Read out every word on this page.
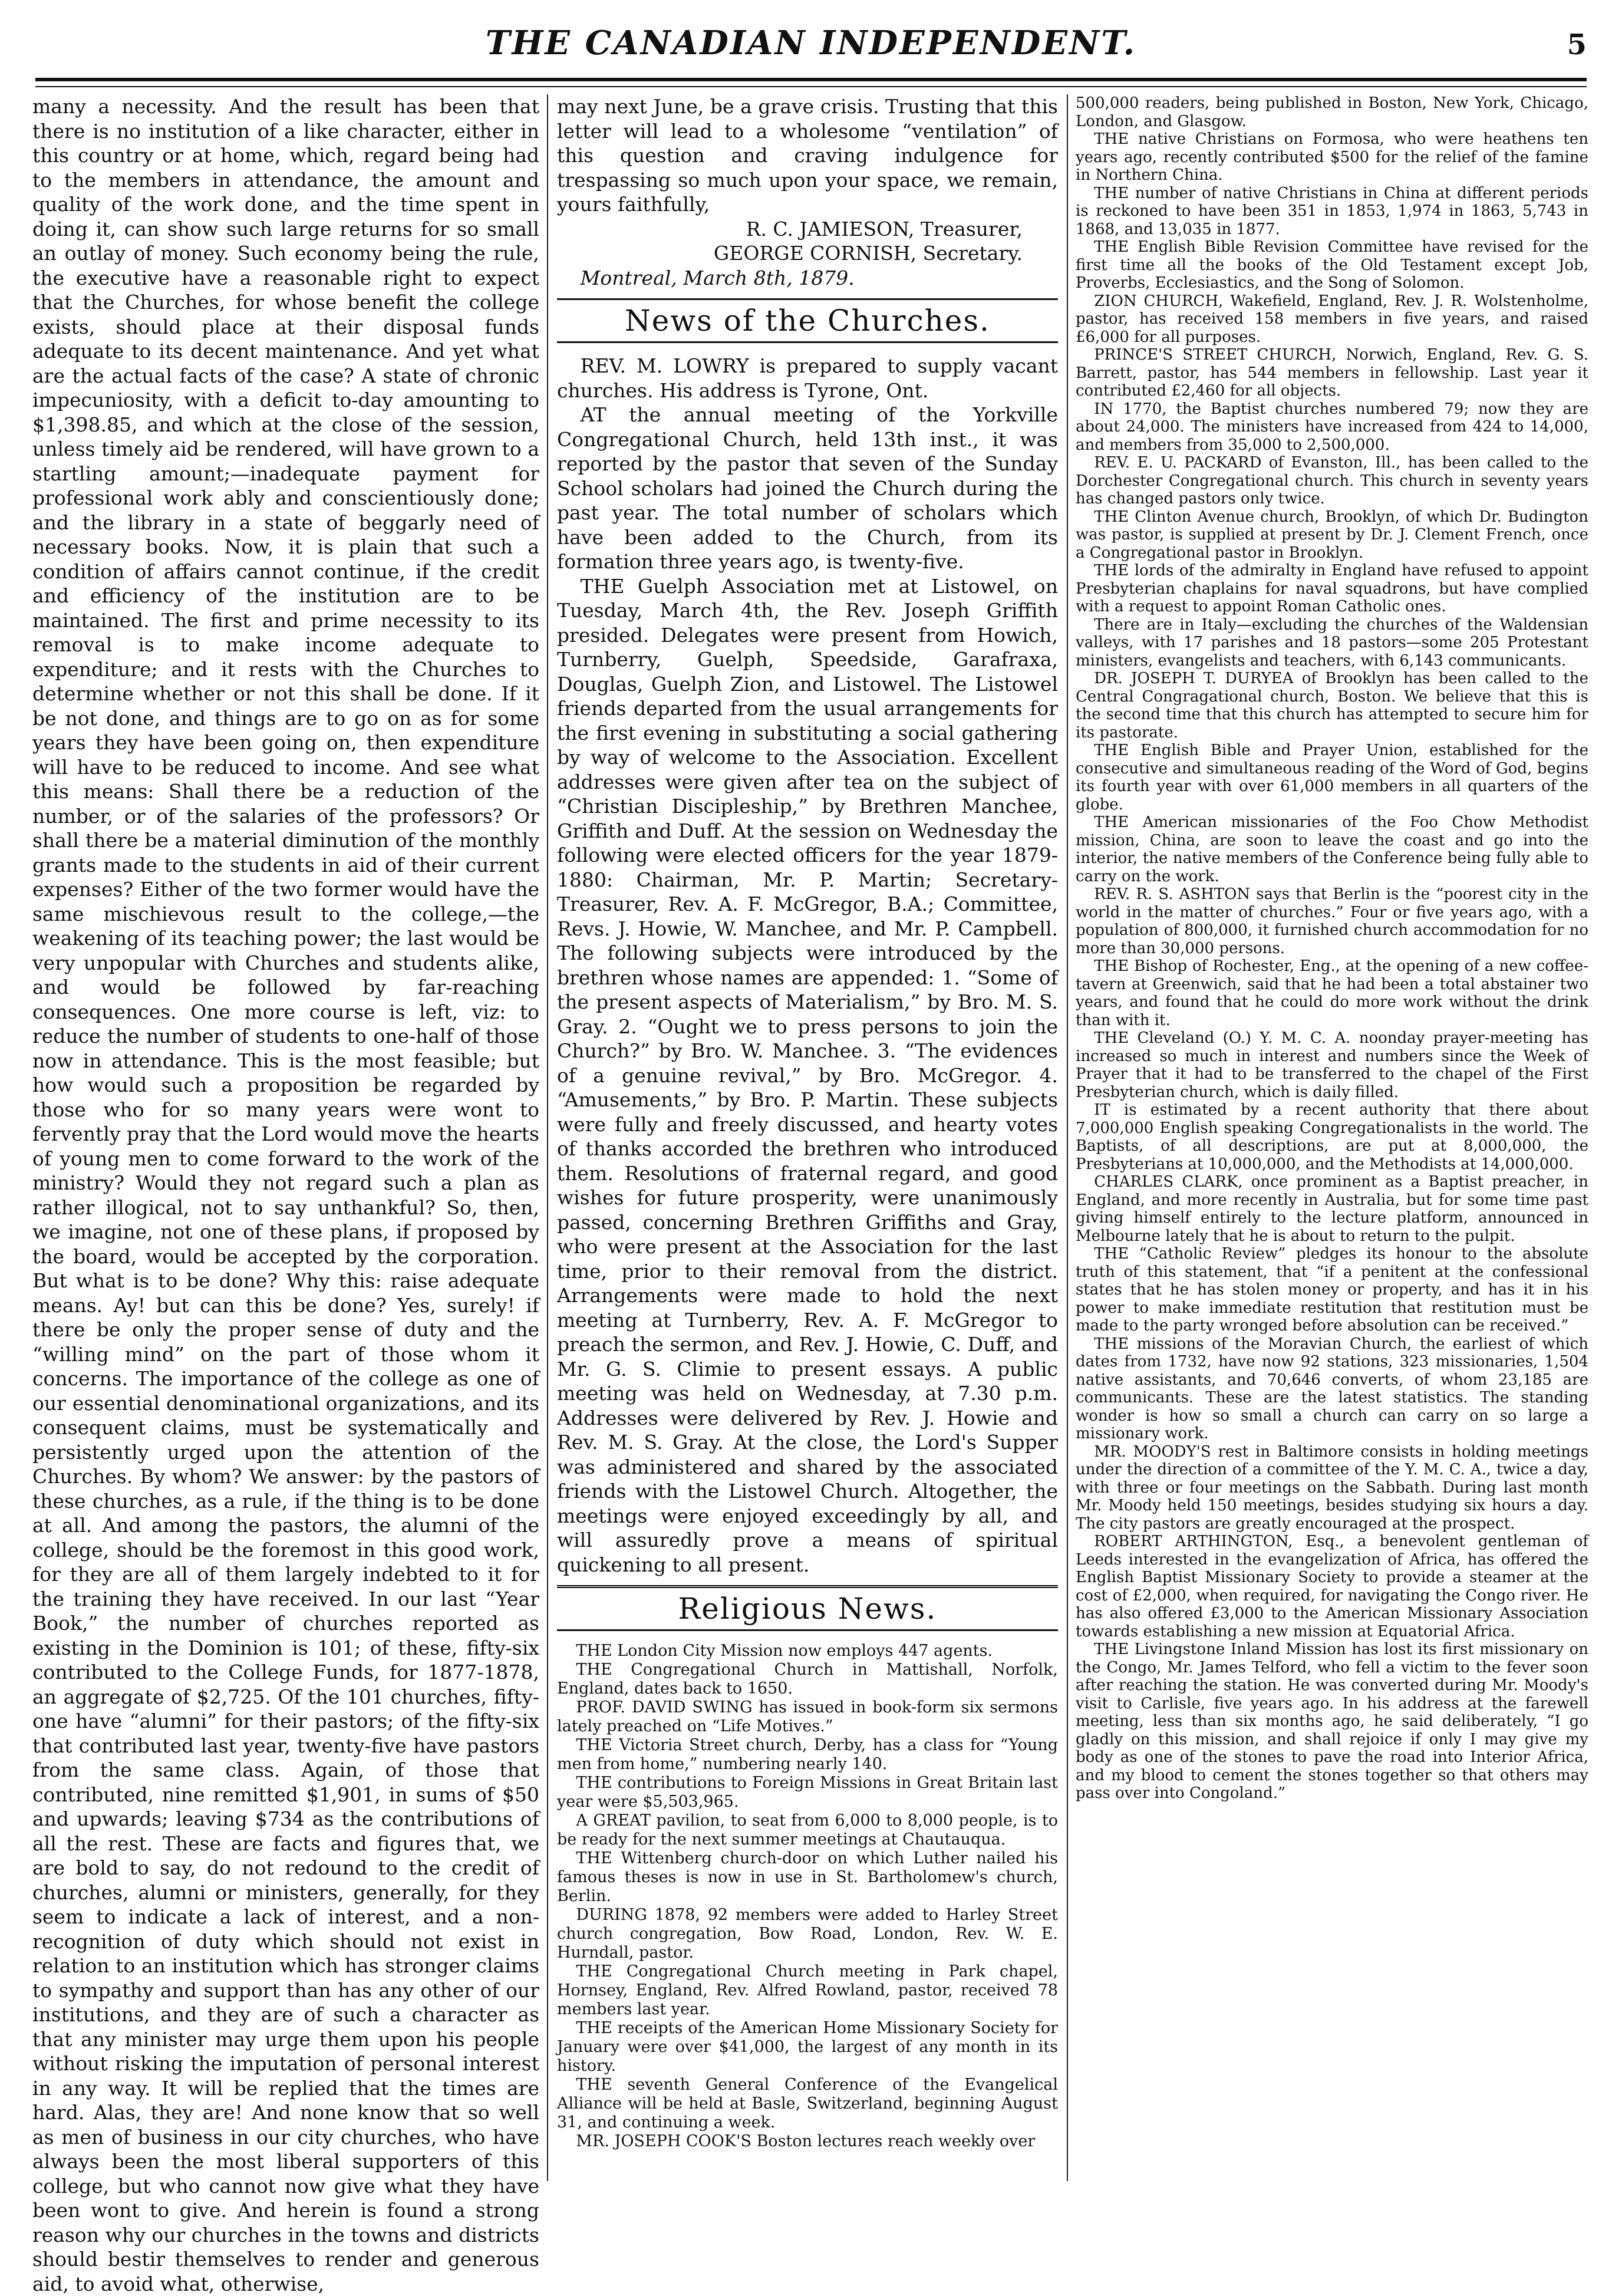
THE CANADIAN INDEPENDENT.	5

many a necessity. And the result has been that there is no institution of a like character, either in this country or at home, which, regard being had to the members in attendance, the amount and quality of the work done, and the time spent in doing it, can show such large returns for so small an outlay of money. Such economy being the rule, the executive have a reasonable right to expect that the Churches, for whose benefit the college exists, should place at their disposal funds adequate to its decent maintenance. And yet what are the actual facts of the case? A state of chronic impecuniosity, with a deficit to-day amounting to $1,398.85, and which at the close of the session, unless timely aid be rendered, will have grown to a startling amount;—inadequate payment for professional work ably and conscientiously done; and the library in a state of beggarly need of necessary books. Now, it is plain that such a condition of affairs cannot continue, if the credit and efficiency of the institution are to be maintained. The first and prime necessity to its removal is to make income adequate to expenditure; and it rests with the Churches to determine whether or not this shall be done. If it be not done, and things are to go on as for some years they have been going on, then expenditure will have to be reduced to income. And see what this means: Shall there be a reduction of the number, or of the salaries of the professors? Or shall there be a material diminution of the monthly grants made to the students in aid of their current expenses? Either of the two former would have the same mischievous result to the college,—the weakening of its teaching power; the last would be very unpopular with Churches and students alike, and would be followed by far-reaching consequences. One more course is left, viz: to reduce the number of students to one-half of those now in attendance. This is the most feasible; but how would such a proposition be regarded by those who for so many years were wont to fervently pray that the Lord would move the hearts of young men to come forward to the work of the ministry? Would they not regard such a plan as rather illogical, not to say unthankful? So, then, we imagine, not one of these plans, if proposed by the board, would be accepted by the corporation. But what is to be done? Why this: raise adequate means. Ay! but can this be done? Yes, surely! if there be only the proper sense of duty and the “willing mind” on the part of those whom it concerns. The importance of the college as one of our essential denominational organizations, and its consequent claims, must be systematically and persistently urged upon the attention of the Churches. By whom? We answer: by the pastors of these churches, as a rule, if the thing is to be done at all. And among the pastors, the alumni of the college, should be the foremost in this good work, for they are all of them largely indebted to it for the training they have received. In our last “Year Book,” the number of churches reported as existing in the Dominion is 101; of these, fifty-six contributed to the College Funds, for 1877-1878, an aggregate of $2,725. Of the 101 churches, fifty-one have “alumni” for their pastors; of the fifty-six that contributed last year, twenty-five have pastors from the same class. Again, of those that contributed, nine remitted $1,901, in sums of $50 and upwards; leaving $734 as the contributions of all the rest. These are facts and figures that, we are bold to say, do not redound to the credit of churches, alumni or ministers, generally, for they seem to indicate a lack of interest, and a non-recognition of duty which should not exist in relation to an institution which has stronger claims to sympathy and support than has any other of our institutions, and they are of such a character as that any minister may urge them upon his people without risking the imputation of personal interest in any way. It will be replied that the times are hard. Alas, they are! And none know that so well as men of business in our city churches, who have always been the most liberal supporters of this college, but who cannot now give what they have been wont to give. And herein is found a strong reason why our churches in the towns and districts should bestir themselves to render and generous aid, to avoid what, otherwise,

may next June, be a grave crisis. Trusting that this letter will lead to a wholesome “ventilation” of this question and craving indulgence for trespassing so much upon your space, we remain, yours faithfully,

R. C. JAMIESON, Treasurer,

GEORGE CORNISH, Secretary.

Montreal, March 8th, 1879.

News of the Churches.

REV. M. LOWRY is prepared to supply vacant churches. His address is Tyrone, Ont.

AT the annual meeting of the Yorkville Congregational Church, held 13th inst., it was reported by the pastor that seven of the Sunday School scholars had joined the Church during the past year. The total number of scholars which have been added to the Church, from its formation three years ago, is twenty-five.

THE Guelph Association met at Listowel, on Tuesday, March 4th, the Rev. Joseph Griffith presided. Delegates were present from Howich, Turnberry, Guelph, Speedside, Garafraxa, Douglas, Guelph Zion, and Listowel. The Listowel friends departed from the usual arrangements for the first evening in substituting a social gathering by way of welcome to the Association. Excellent addresses were given after tea on the subject of “Christian Discipleship,” by Brethren Manchee, Griffith and Duff. At the session on Wednesday the following were elected officers for the year 1879-1880: Chairman, Mr. P. Martin; Secretary-Treasurer, Rev. A. F. McGregor, B.A.; Committee, Revs. J. Howie, W. Manchee, and Mr. P. Campbell. The following subjects were introduced by the brethren whose names are appended: 1. “Some of the present aspects of Materialism,” by Bro. M. S. Gray. 2. “Ought we to press persons to join the Church?” by Bro. W. Manchee. 3. “The evidences of a genuine revival,” by Bro. McGregor. 4. “Amusements,” by Bro. P. Martin. These subjects were fully and freely discussed, and hearty votes of thanks accorded the brethren who introduced them. Resolutions of fraternal regard, and good wishes for future prosperity, were unanimously passed, concerning Brethren Griffiths and Gray, who were present at the Association for the last time, prior to their removal from the district. Arrangements were made to hold the next meeting at Turnberry, Rev. A. F. McGregor to preach the sermon, and Rev. J. Howie, C. Duff, and Mr. G. S. Climie to present essays. A public meeting was held on Wednesday, at 7.30 p.m. Addresses were delivered by Rev. J. Howie and Rev. M. S. Gray. At the close, the Lord's Supper was administered and shared by the associated friends with the Listowel Church. Altogether, the meetings were enjoyed exceedingly by all, and will assuredly prove a means of spiritual quickening to all present.

Religious News.

THE London City Mission now employs 447 agents.

THE Congregational Church in Mattishall, Norfolk, England, dates back to 1650.

PROF. DAVID SWING has issued in book-form six sermons lately preached on “Life Motives.”

THE Victoria Street church, Derby, has a class for “Young men from home,” numbering nearly 140.

THE contributions to Foreign Missions in Great Britain last year were $5,503,965.

A GREAT pavilion, to seat from 6,000 to 8,000 people, is to be ready for the next summer meetings at Chautauqua.

THE Wittenberg church-door on which Luther nailed his famous theses is now in use in St. Bartholomew's church, Berlin.

DURING 1878, 92 members were added to Harley Street church congregation, Bow Road, London, Rev. W. E. Hurndall, pastor.

THE Congregational Church meeting in Park chapel, Hornsey, England, Rev. Alfred Rowland, pastor, received 78 members last year.

THE receipts of the American Home Missionary Society for January were over $41,000, the largest of any month in its history.

THE seventh General Conference of the Evangelical Alliance will be held at Basle, Switzerland, beginning August 31, and continuing a week.

MR. JOSEPH COOK'S Boston lectures reach weekly over

500,000 readers, being published in Boston, New York, Chicago, London, and Glasgow.

THE native Christians on Formosa, who were heathens ten years ago, recently contributed $500 for the relief of the famine in Northern China.

THE number of native Christians in China at different periods is reckoned to have been 351 in 1853, 1,974 in 1863, 5,743 in 1868, and 13,035 in 1877.

THE English Bible Revision Committee have revised for the first time all the books of the Old Testament except Job, Proverbs, Ecclesiastics, and the Song of Solomon.

ZION CHURCH, Wakefield, England, Rev. J. R. Wolstenholme, pastor, has received 158 members in five years, and raised £6,000 for all purposes.

PRINCE'S STREET CHURCH, Norwich, England, Rev. G. S. Barrett, pastor, has 544 members in fellowship. Last year it contributed £2,460 for all objects.

IN 1770, the Baptist churches numbered 79; now they are about 24,000. The ministers have increased from 424 to 14,000, and members from 35,000 to 2,500,000.

REV. E. U. PACKARD of Evanston, Ill., has been called to the Dorchester Congregational church. This church in seventy years has changed pastors only twice.

THE Clinton Avenue church, Brooklyn, of which Dr. Budington was pastor, is supplied at present by Dr. J. Clement French, once a Congregational pastor in Brooklyn.

THE lords of the admiralty in England have refused to appoint Presbyterian chaplains for naval squadrons, but have complied with a request to appoint Roman Catholic ones.

There are in Italy—excluding the churches of the Waldensian valleys, with 17 parishes and 18 pastors—some 205 Protestant ministers, evangelists and teachers, with 6,143 communicants.

DR. JOSEPH T. DURYEA of Brooklyn has been called to the Central Congragational church, Boston. We believe that this is the second time that this church has attempted to secure him for its pastorate.

THE English Bible and Prayer Union, established for the consecutive and simultaneous reading of the Word of God, begins its fourth year with over 61,000 members in all quarters of the globe.

THE American missionaries of the Foo Chow Methodist mission, China, are soon to leave the coast and go into the interior, the native members of the Conference being fully able to carry on the work.

REV. R. S. ASHTON says that Berlin is the “poorest city in the world in the matter of churches.” Four or five years ago, with a population of 800,000, it furnished church accommodation for no more than 30,000 persons.

THE Bishop of Rochester, Eng., at the opening of a new coffee-tavern at Greenwich, said that he had been a total abstainer two years, and found that he could do more work without the drink than with it.

THE Cleveland (O.) Y. M. C. A. noonday prayer-meeting has increased so much in interest and numbers since the Week of Prayer that it had to be transferred to the chapel of the First Presbyterian church, which is daily filled.

IT is estimated by a recent authority that there about 7,000,000 English speaking Congregationalists in the world. The Baptists, of all descriptions, are put at 8,000,000, the Presbyterians at 10,000,000, and the Methodists at 14,000,000.

CHARLES CLARK, once prominent as a Baptist preacher, in England, and more recently in Australia, but for some time past giving himself entirely to the lecture platform, announced in Melbourne lately that he is about to return to the pulpit.

THE “Catholic Review” pledges its honour to the absolute truth of this statement, that “if a penitent at the confessional states that he has stolen money or property, and has it in his power to make immediate restitution that restitution must be made to the party wronged before absolution can be received.”

THE missions of the Moravian Church, the earliest of which dates from 1732, have now 92 stations, 323 missionaries, 1,504 native assistants, and 70,646 converts, of whom 23,185 are communicants. These are the latest statistics. The standing wonder is how so small a church can carry on so large a missionary work.

MR. MOODY'S rest in Baltimore consists in holding meetings under the direction of a committee of the Y. M. C. A., twice a day, with three or four meetings on the Sabbath. During last month Mr. Moody held 150 meetings, besides studying six hours a day. The city pastors are greatly encouraged at the prospect.

ROBERT ARTHINGTON, Esq., a benevolent gentleman of Leeds interested in the evangelization of Africa, has offered the English Baptist Missionary Society to provide a steamer at the cost of £2,000, when required, for navigating the Congo river. He has also offered £3,000 to the American Missionary Association towards establishing a new mission at Equatorial Africa.

THE Livingstone Inland Mission has lost its first missionary on the Congo, Mr. James Telford, who fell a victim to the fever soon after reaching the station. He was converted during Mr. Moody's visit to Carlisle, five years ago. In his address at the farewell meeting, less than six months ago, he said deliberately, “I go gladly on this mission, and shall rejoice if only I may give my body as one of the stones to pave the road into Interior Africa, and my blood to cement the stones together so that others may pass over into Congoland.”
